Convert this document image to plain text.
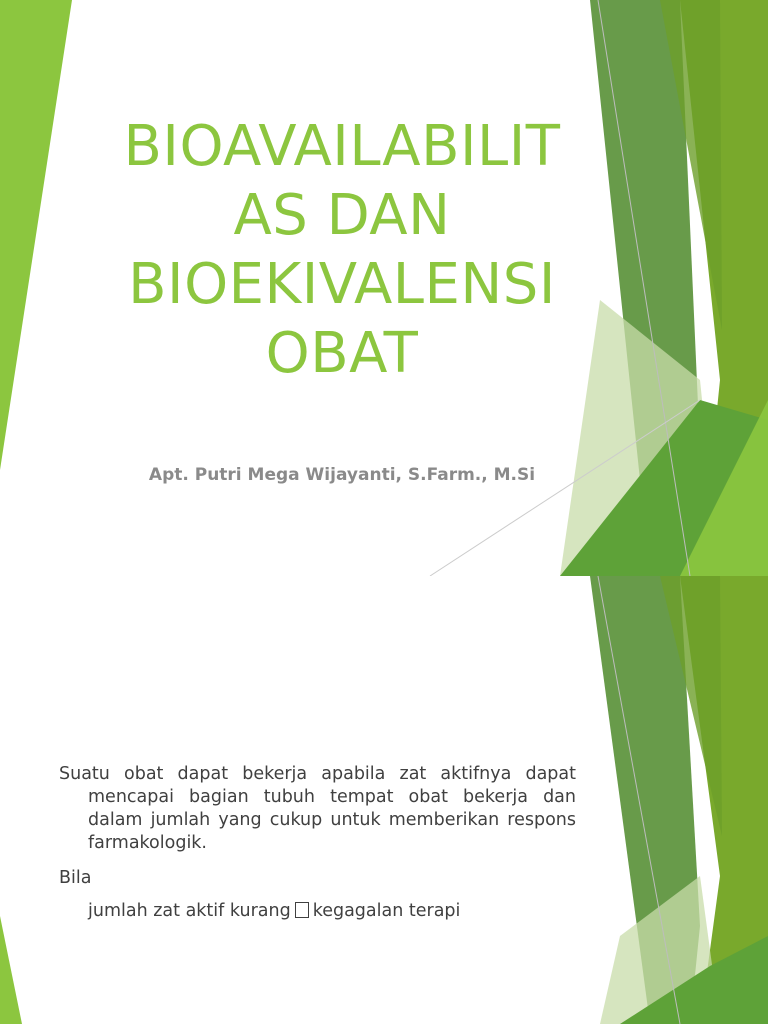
BIOAVAILABILIT
AS DAN
BIOEKIVALENSI
OBAT
Apt. Putri Mega Wijayanti, S.Farm., M.Si
Suatu obat dapat bekerja apabila zat aktifnya dapat mencapai bagian tubuh tempat obat bekerja dan dalam jumlah yang cukup untuk memberikan respons farmakologik.
Bila
jumlah zat aktif kurang kegagalan terapi
